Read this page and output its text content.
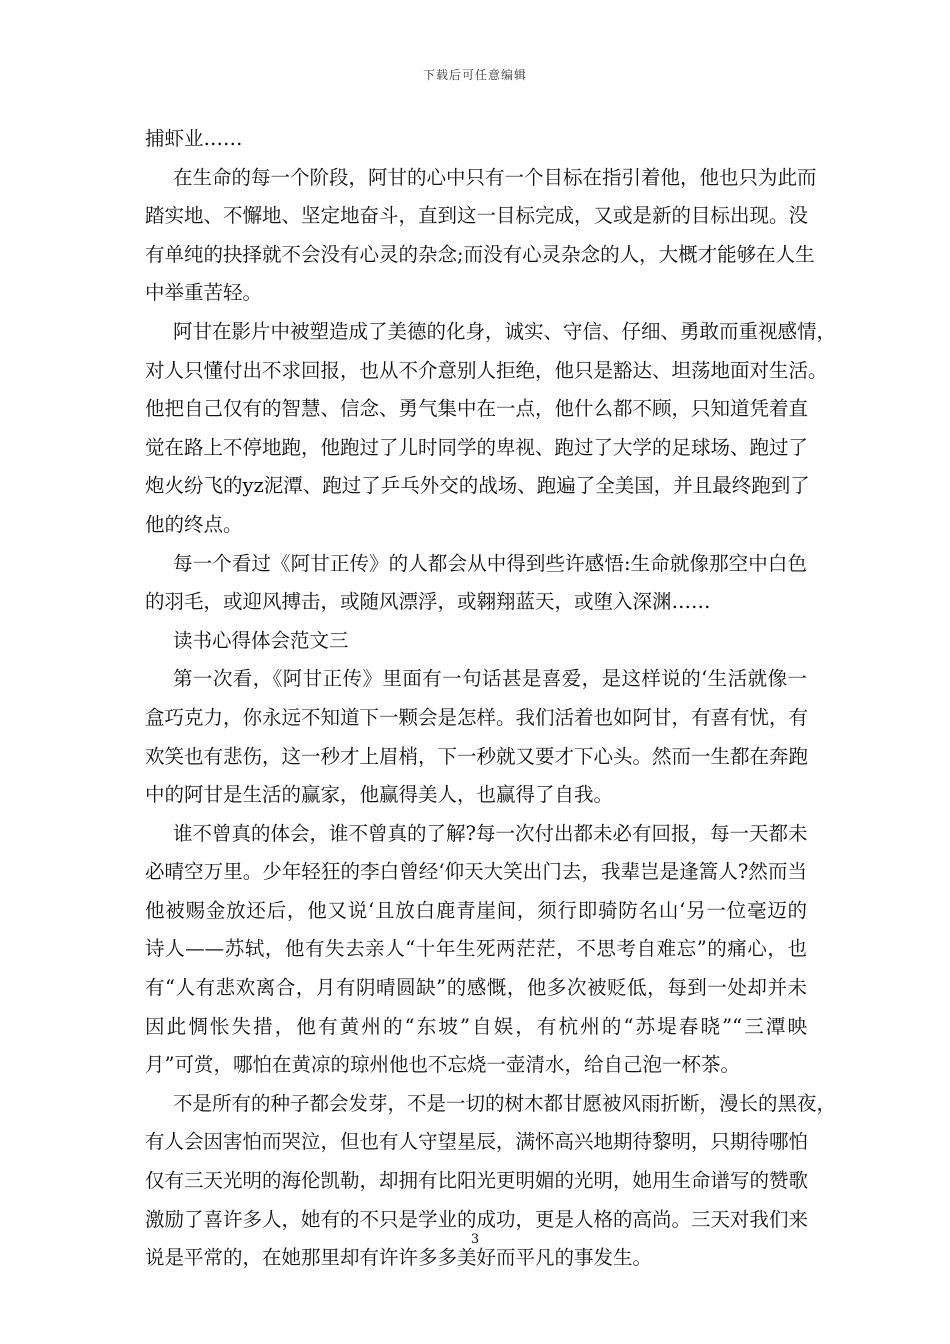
下载后可任意编辑
捕虾业……
在生命的每一个阶段，阿甘的心中只有一个目标在指引着他，他也只为此而
踏实地、不懈地、坚定地奋斗，直到这一目标完成，又或是新的目标出现。没
有单纯的抉择就不会没有心灵的杂念;而没有心灵杂念的人，大概才能够在人生
中举重苦轻。
阿甘在影片中被塑造成了美德的化身，诚实、守信、仔细、勇敢而重视感情，
对人只懂付出不求回报，也从不介意别人拒绝，他只是豁达、坦荡地面对生活。
他把自己仅有的智慧、信念、勇气集中在一点，他什么都不顾，只知道凭着直
觉在路上不停地跑，他跑过了儿时同学的卑视、跑过了大学的足球场、跑过了
炮火纷飞的yz泥潭、跑过了乒乓外交的战场、跑遍了全美国，并且最终跑到了
他的终点。
每一个看过《阿甘正传》的人都会从中得到些许感悟:生命就像那空中白色
的羽毛，或迎风搏击，或随风漂浮，或翱翔蓝天，或堕入深渊……
读书心得体会范文三
第一次看，《阿甘正传》里面有一句话甚是喜爱，是这样说的‘生活就像一
盒巧克力，你永远不知道下一颗会是怎样。我们活着也如阿甘，有喜有忧，有
欢笑也有悲伤，这一秒才上眉梢，下一秒就又要才下心头。然而一生都在奔跑
中的阿甘是生活的赢家，他赢得美人，也赢得了自我。
谁不曾真的体会，谁不曾真的了解?每一次付出都未必有回报，每一天都未
必晴空万里。少年轻狂的李白曾经‘仰天大笑出门去，我辈岂是逢篙人?然而当
他被赐金放还后，他又说‘且放白鹿青崖间，须行即骑防名山‘另一位毫迈的
诗人——苏轼，他有失去亲人“十年生死两茫茫，不思考自难忘”的痛心，也
有“人有悲欢离合，月有阴晴圆缺”的感慨，他多次被贬低，每到一处却并未
因此惆怅失措，他有黄州的“东坡”自娱，有杭州的“苏堤春晓”“三潭映
月”可赏，哪怕在黄凉的琼州他也不忘烧一壶清水，给自己泡一杯茶。
不是所有的种子都会发芽，不是一切的树木都甘愿被风雨折断，漫长的黑夜，
有人会因害怕而哭泣，但也有人守望星辰，满怀高兴地期待黎明，只期待哪怕
仅有三天光明的海伦凯勒，却拥有比阳光更明媚的光明，她用生命谱写的赞歌
激励了喜许多人，她有的不只是学业的成功，更是人格的高尚。三天对我们来
说是平常的，在她那里却有许许多多美好而平凡的事发生。
3
